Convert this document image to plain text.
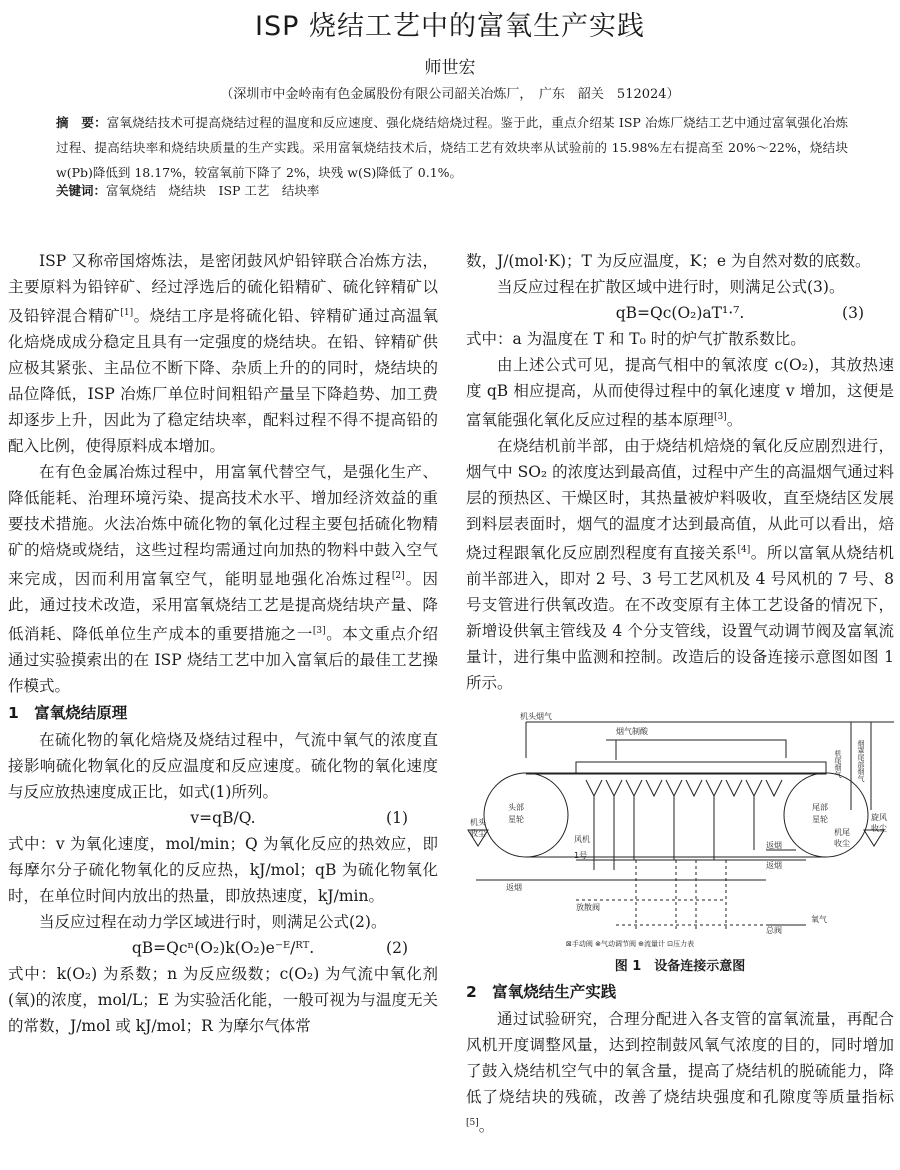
ISP 烧结工艺中的富氧生产实践
师世宏
（深圳市中金岭南有色金属股份有限公司韶关冶炼厂，　广东　韶关　512024）
摘　要：富氧烧结技术可提高烧结过程的温度和反应速度、强化烧结焙烧过程。鉴于此，重点介绍某 ISP 冶炼厂烧结工艺中通过富氧强化冶炼过程、提高结块率和烧结块质量的生产实践。采用富氧烧结技术后，烧结工艺有效块率从试验前的 15.98%左右提高至 20%～22%，烧结块 w(Pb)降低到 18.17%，较富氧前下降了 2%，块残 w(S)降低了 0.1%。
关键词：富氧烧结　烧结块　ISP 工艺　结块率

ISP 又称帝国熔炼法，是密闭鼓风炉铅锌联合冶炼方法，主要原料为铅锌矿、经过浮选后的硫化铅精矿、硫化锌精矿以及铅锌混合精矿[1]。烧结工序是将硫化铅、锌精矿通过高温氧化焙烧成成分稳定且具有一定强度的烧结块。在铅、锌精矿供应极其紧张、主品位不断下降、杂质上升的的同时，烧结块的品位降低，ISP 冶炼厂单位时间粗铅产量呈下降趋势、加工费却逐步上升，因此为了稳定结块率，配料过程不得不提高铅的配入比例，使得原料成本增加。

在有色金属冶炼过程中，用富氧代替空气，是强化生产、降低能耗、治理环境污染、提高技术水平、增加经济效益的重要技术措施。火法冶炼中硫化物的氧化过程主要包括硫化物精矿的焙烧或烧结，这些过程均需通过向加热的物料中鼓入空气来完成，因而利用富氧空气，能明显地强化冶炼过程[2]。因此，通过技术改造，采用富氧烧结工艺是提高烧结块产量、降低消耗、降低单位生产成本的重要措施之一[3]。本文重点介绍通过实验摸索出的在 ISP 烧结工艺中加入富氧后的最佳工艺操作模式。

1　富氧烧结原理

在硫化物的氧化焙烧及烧结过程中，气流中氧气的浓度直接影响硫化物氧化的反应温度和反应速度。硫化物的氧化速度与反应放热速度成正比，如式(1)所列。

v=qB/Q.	(1)

式中：v 为氧化速度，mol/min；Q 为氧化反应的热效应，即每摩尔分子硫化物氧化的反应热，kJ/mol；qB 为硫化物氧化时，在单位时间内放出的热量，即放热速度，kJ/min。

当反应过程在动力学区域进行时，则满足公式(2)。

qB=Qcⁿ(O₂)k(O₂)e⁻ᴱ/ᴿᵀ.	(2)

式中：k(O₂) 为系数；n 为反应级数；c(O₂) 为气流中氧化剂(氧)的浓度，mol/L；E 为实验活化能，一般可视为与温度无关的常数，J/mol 或 kJ/mol；R 为摩尔气体常

数，J/(mol·K)；T 为反应温度，K；e 为自然对数的底数。

当反应过程在扩散区域中进行时，则满足公式(3)。

qB=Qc(O₂)aT¹·⁷.	(3)

式中：a 为温度在 T 和 T₀ 时的炉气扩散系数比。

由上述公式可见，提高气相中的氧浓度 c(O₂)，其放热速度 qB 相应提高，从而使得过程中的氧化速度 v 增加，这便是富氧能强化氧化反应过程的基本原理[3]。

在烧结机前半部，由于烧结机焙烧的氧化反应剧烈进行，烟气中 SO₂ 的浓度达到最高值，过程中产生的高温烟气通过料层的预热区、干燥区时，其热量被炉料吸收，直至烧结区发展到料层表面时，烟气的温度才达到最高值，从此可以看出，焙烧过程跟氧化反应剧烈程度有直接关系[4]。所以富氧从烧结机前半部进入，即对 2 号、3 号工艺风机及 4 号风机的 7 号、8 号支管进行供氧改造。在不改变原有主体工艺设备的情况下，新增设供氧主管线及 4 个分支管线，设置气动调节阀及富氧流量计，进行集中监测和控制。改造后的设备连接示意图如图 1 所示。

机头烟气
烟气制酸
头部
星轮
尾部
星轮
机头
收尘
风机
1号
返烟
返烟
返烟
放散阀
总阀
氧气
⊠手动阀 ⊗气动调节阀 ⊕流量计 ⊡压力表
机尾烟气 烟罩尾部烟气
机尾
收尘
旋风
收尘
图 1　设备连接示意图
2　富氧烧结生产实践

通过试验研究，合理分配进入各支管的富氧流量，再配合风机开度调整风量，达到控制鼓风氧气浓度的目的，同时增加了鼓入烧结机空气中的氧含量，提高了烧结机的脱硫能力，降低了烧结块的残硫，改善了烧结块强度和孔隙度等质量指标[5]。
